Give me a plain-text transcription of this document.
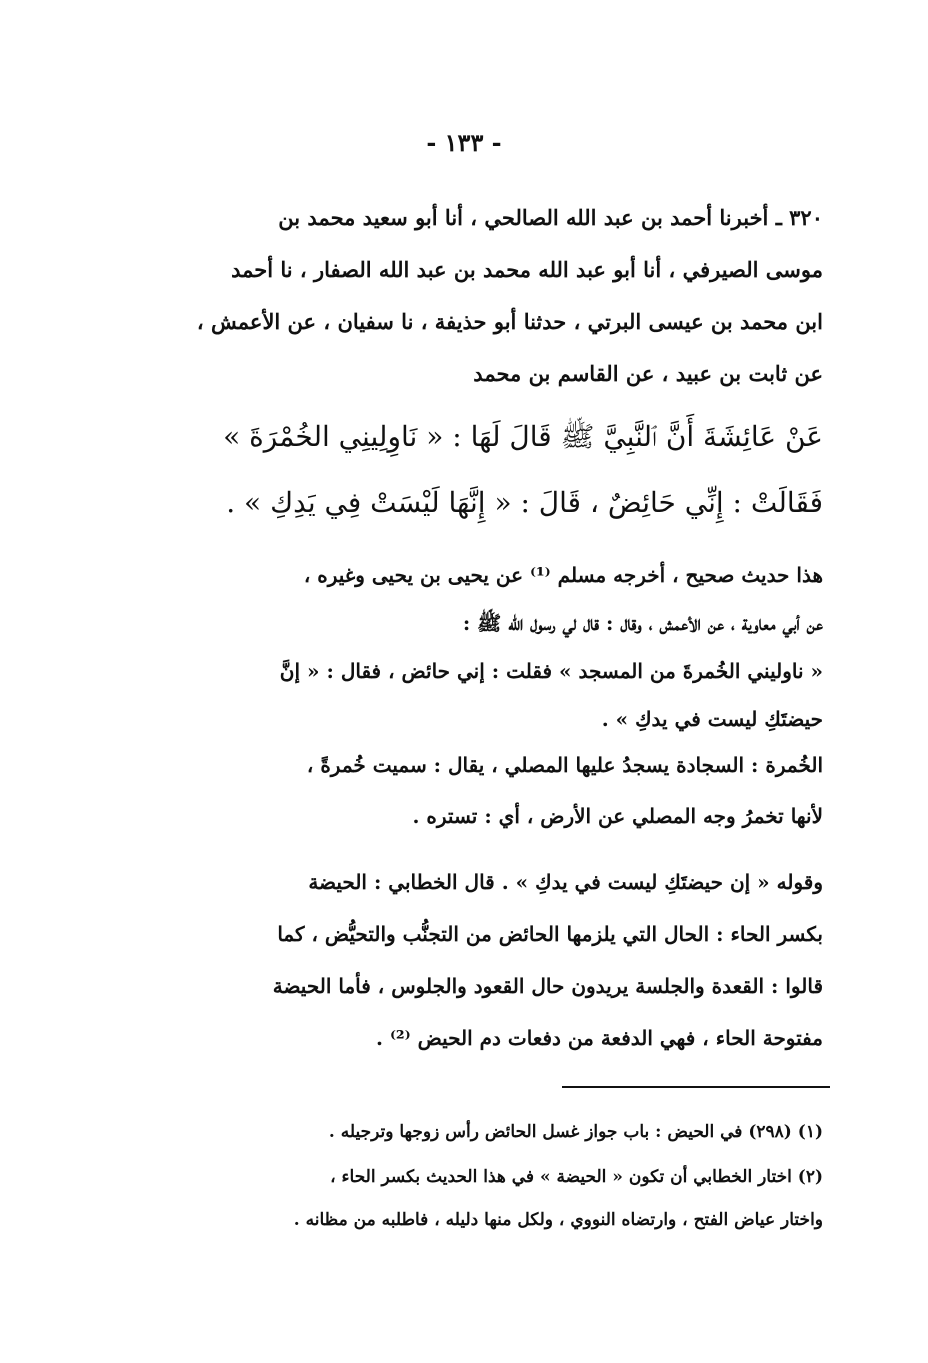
- ١٣٣ -
٣٢٠ ـ أخبرنا أحمد بن عبد الله الصالحي ، أنا أبو سعيد محمد بن
موسى الصيرفي ، أنا أبو عبد الله محمد بن عبد الله الصفار ، نا أحمد
ابن محمد بن عيسى البرتي ، حدثنا أبو حذيفة ، نا سفيان ، عن الأعمش ،
عن ثابت بن عبيد ، عن القاسم بن محمد
عَنْ عَائِشَةَ أَنَّ ٱلنَّبِيَّ ﷺ قَالَ لَهَا : « نَاوِلِينِي الخُمْرَةَ »
فَقَالَتْ : إِنِّي حَائِضٌ ، قَالَ : « إِنَّهَا لَيْسَتْ فِي يَدِكِ » .
هذا حديث صحيح ، أخرجه مسلم ⁽¹⁾ عن يحيى بن يحيى وغيره ،
عن أبي معاوية ، عن الأعمش ، وقال : قال لي رسول الله ﷺ :
« ناوليني الخُمرةَ من المسجد » فقلت : إني حائض ، فقال : « إنَّ
حيضتَكِ ليست في يدكِ » .
الخُمرة : السجادة يسجدُ عليها المصلي ، يقال : سميت خُمرةً ،
لأنها تخمرُ وجه المصلي عن الأرض ، أي : تستره .
وقوله « إن حيضتَكِ ليست في يدكِ » . قال الخطابي : الحيضة
بكسر الحاء : الحال التي يلزمها الحائض من التجنُّب والتحيُّض ، كما
قالوا : القعدة والجلسة يريدون حال القعود والجلوس ، فأما الحيضة
مفتوحة الحاء ، فهي الدفعة من دفعات دم الحيض ⁽²⁾ .
(١) (٢٩٨) في الحيض : باب جواز غسل الحائض رأس زوجها وترجيله .
(٢) اختار الخطابي أن تكون « الحيضة » في هذا الحديث بكسر الحاء ،
واختار عياض الفتح ، وارتضاه النووي ، ولكل منها دليله ، فاطلبه من مظانه .
